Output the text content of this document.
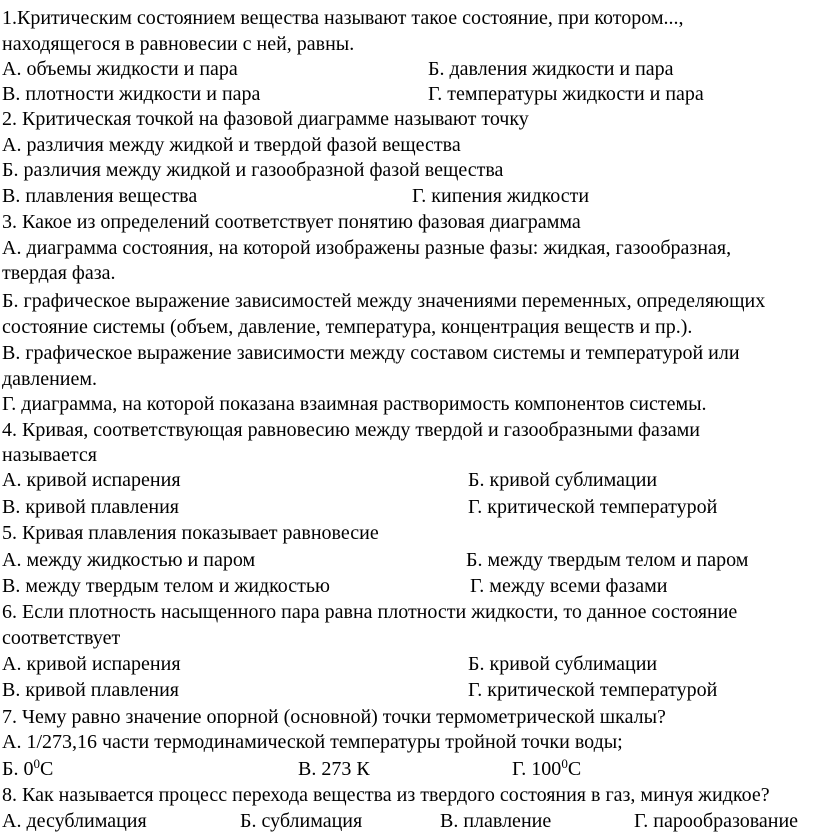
1.Критическим состоянием вещества называют такое состояние, при котором...,
находящегося в равновесии с ней, равны.
А. объемы жидкости и пара	Б. давления жидкости и пара
В. плотности жидкости и пара	Г. температуры жидкости и пара
2. Критическая точкой на фазовой диаграмме называют точку
А. различия между жидкой и твердой фазой вещества
Б. различия между жидкой и газообразной фазой вещества
В. плавления вещества	Г. кипения жидкости
3. Какое из определений соответствует понятию фазовая диаграмма
А. диаграмма состояния, на которой изображены разные фазы: жидкая, газообразная,
твердая фаза.
Б. графическое выражение зависимостей между значениями переменных, определяющих
состояние системы (объем, давление, температура, концентрация веществ и пр.).
В. графическое выражение зависимости между составом системы и температурой или
давлением.
Г. диаграмма, на которой показана взаимная растворимость компонентов системы.
4. Кривая, соответствующая равновесию между твердой и газообразными фазами
называется
А. кривой испарения	Б. кривой сублимации
В. кривой плавления	Г. критической температурой
5. Кривая плавления показывает равновесие
А. между жидкостью и паром	Б. между твердым телом и паром
В. между твердым телом и жидкостью	Г. между всеми фазами
6. Если плотность насыщенного пара равна плотности жидкости, то данное состояние
соответствует
А. кривой испарения	Б. кривой сублимации
В. кривой плавления	Г. критической температурой
7. Чему равно значение опорной (основной) точки термометрической шкалы?
А. 1/273,16 части термодинамической температуры тройной точки воды;
Б. $0^0С$	В. 273 К	Г. $100^0С$
8. Как называется процесс перехода вещества из твердого состояния в газ, минуя жидкое?
А. десублимация	Б. сублимация	В. плавление	Г. парообразование
